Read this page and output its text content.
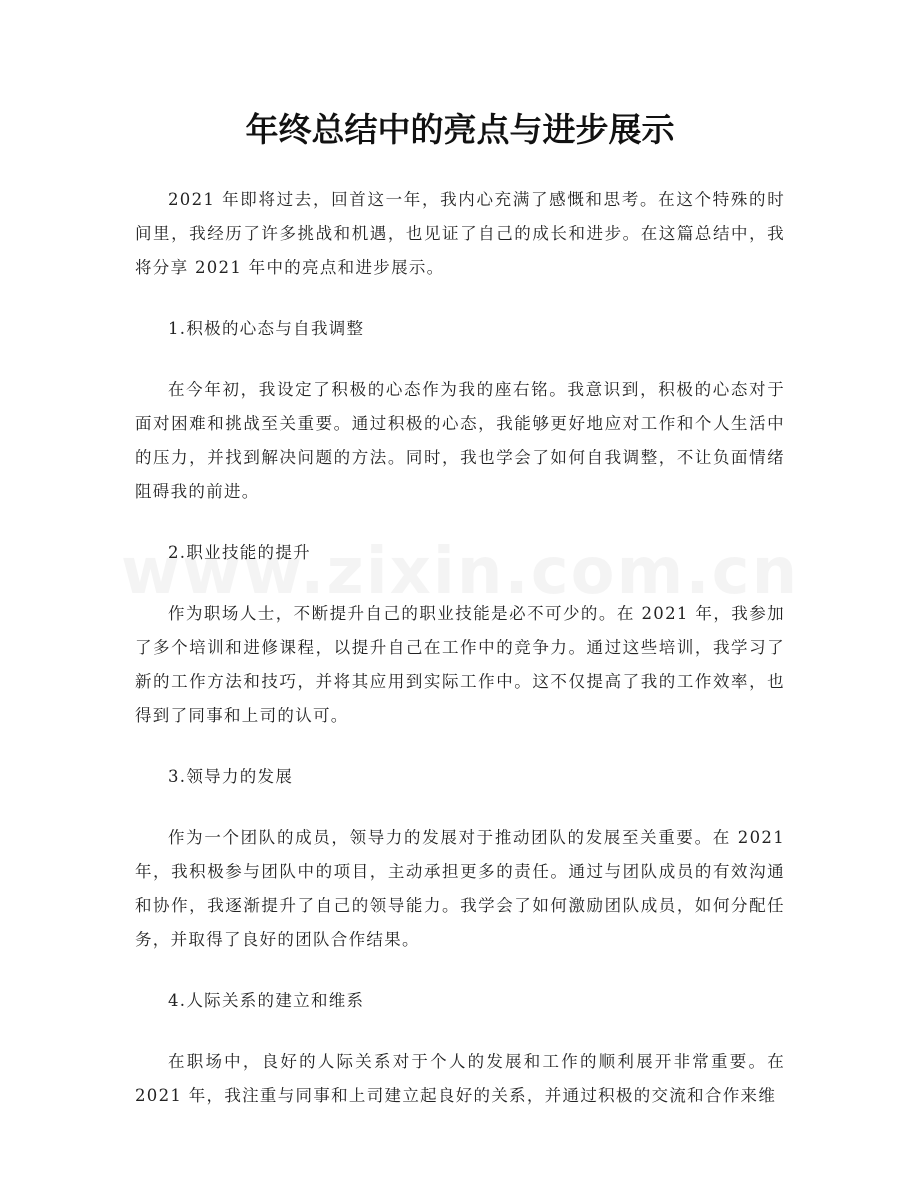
年终总结中的亮点与进步展示

2021 年即将过去，回首这一年，我内心充满了感慨和思考。在这个特殊的时间里，我经历了许多挑战和机遇，也见证了自己的成长和进步。在这篇总结中，我将分享 2021 年中的亮点和进步展示。

1.积极的心态与自我调整

在今年初，我设定了积极的心态作为我的座右铭。我意识到，积极的心态对于面对困难和挑战至关重要。通过积极的心态，我能够更好地应对工作和个人生活中的压力，并找到解决问题的方法。同时，我也学会了如何自我调整，不让负面情绪阻碍我的前进。

2.职业技能的提升

作为职场人士，不断提升自己的职业技能是必不可少的。在 2021 年，我参加了多个培训和进修课程，以提升自己在工作中的竞争力。通过这些培训，我学习了新的工作方法和技巧，并将其应用到实际工作中。这不仅提高了我的工作效率，也得到了同事和上司的认可。

3.领导力的发展

作为一个团队的成员，领导力的发展对于推动团队的发展至关重要。在 2021 年，我积极参与团队中的项目，主动承担更多的责任。通过与团队成员的有效沟通和协作，我逐渐提升了自己的领导能力。我学会了如何激励团队成员，如何分配任务，并取得了良好的团队合作结果。

4.人际关系的建立和维系

在职场中，良好的人际关系对于个人的发展和工作的顺利展开非常重要。在 2021 年，我注重与同事和上司建立起良好的关系，并通过积极的交流和合作来维
